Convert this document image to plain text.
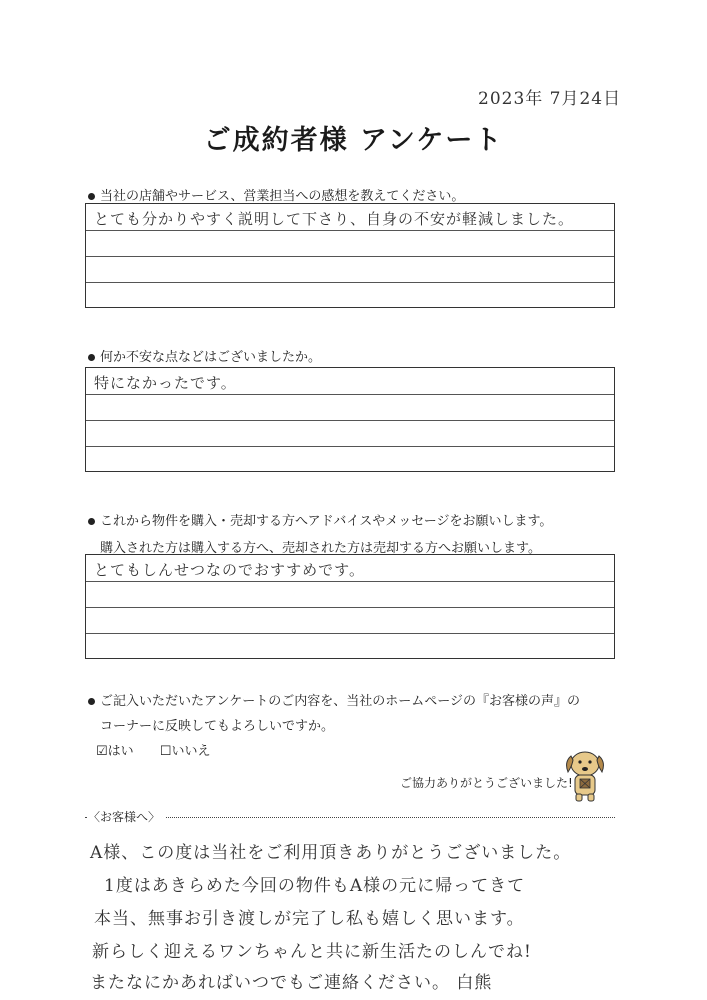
2023年 7月24日
ご成約者様 アンケート
当社の店舗やサービス、営業担当への感想を教えてください。
とても分かりやすく説明して下さり、自身の不安が軽減しました。
何か不安な点などはございましたか。
特になかったです。
これから物件を購入・売却する方へアドバイスやメッセージをお願いします。
購入された方は購入する方へ、売却された方は売却する方へお願いします。
とてもしんせつなのでおすすめです。
ご記入いただいたアンケートのご内容を、当社のホームページの『お客様の声』の
コーナーに反映してもよろしいですか。
☑はい ☐いいえ
ご協力ありがとうございました!
〈お客様へ〉
A様、この度は当社をご利用頂きありがとうございました。
1度はあきらめた今回の物件もA様の元に帰ってきて
本当、無事お引き渡しが完了し私も嬉しく思います。
新らしく迎えるワンちゃんと共に新生活たのしんでね!
またなにかあればいつでもご連絡ください。 白熊
